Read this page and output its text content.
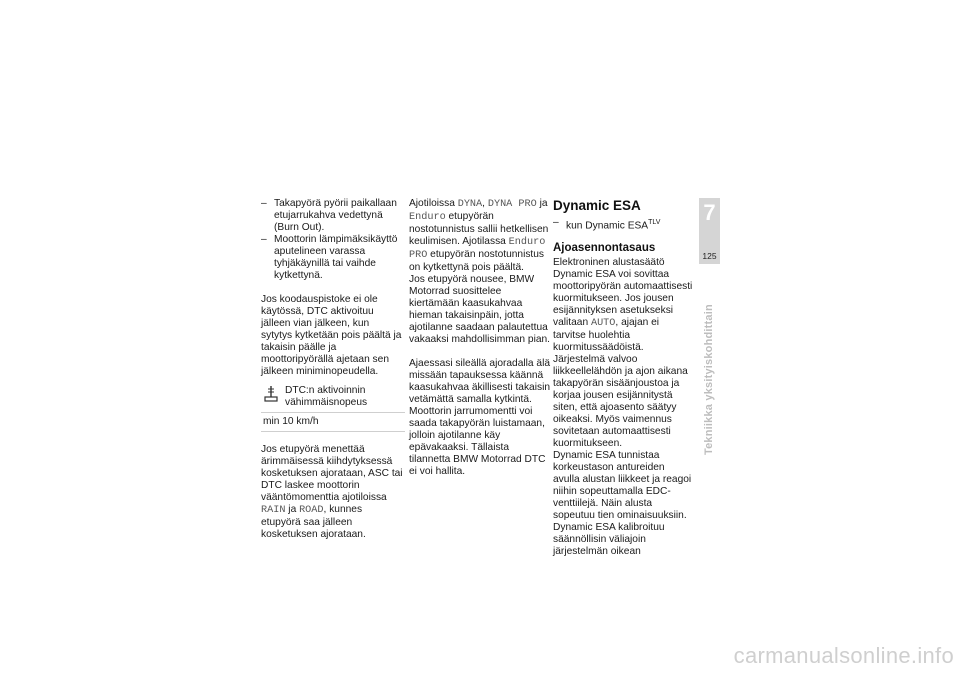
– Takapyörä pyörii paikallaan etujarrukahva vedettynä (Burn Out).
– Moottorin lämpimäksikäyttö aputelineen varassa tyhjäkäynillä tai vaihde kytkettynä.

Jos koodauspistoke ei ole käytössä, DTC aktivoituu jälleen vian jälkeen, kun sytytys kytketään pois päältä ja takaisin päälle ja moottoripyörällä ajetaan sen jälkeen miniminopeudella.

DTC:n aktivoinnin vähimmäisnopeus

min 10 km/h

Jos etupyörä menettää ärimmäisessä kiihdytyksessä kosketuksen ajorataan, ASC tai DTC laskee moottorin vääntömomenttia ajotiloissa RAIN ja ROAD, kunnes etupyörä saa jälleen kosketuksen ajorataan.

Ajotiloissa DYNA, DYNA PRO ja Enduro etupyörän nostotunnistus sallii hetkellisen keulimisen. Ajotilassa Enduro PRO etupyörän nostotunnistus on kytkettynä pois päältä.

Jos etupyörä nousee, BMW Motorrad suosittelee kiertämään kaasukahvaa hieman takaisinpäin, jotta ajotilanne saadaan palautettua vakaaksi mahdollisimman pian.

Ajaessasi sileällä ajoradalla älä missään tapauksessa käännä kaasukahvaa äkillisesti takaisin vetämättä samalla kytkintä. Moottorin jarrumomentti voi saada takapyörän luistamaan, jolloin ajotilanne käy epävakaaksi. Tällaista tilannetta BMW Motorrad DTC ei voi hallita.

Dynamic ESA
– kun Dynamic $ESA^{TLV}$
Ajoasennontasaus

Elektroninen alustasäätö Dynamic ESA voi sovittaa moottoripyörän automaattisesti kuormitukseen. Jos jousen esijännityksen asetukseksi valitaan AUTO, ajajan ei tarvitse huolehtia kuormitussäädöistä. Järjestelmä valvoo liikkeellelähdön ja ajon aikana takapyörän sisäänjoustoa ja korjaa jousen esijännitystä siten, että ajoasento säätyy oikeaksi. Myös vaimennus sovitetaan automaattisesti kuormitukseen.

Dynamic ESA tunnistaa korkeustason antureiden avulla alustan liikkeet ja reagoi niihin sopeuttamalla EDC-venttiilejä. Näin alusta sopeutuu tien ominaisuuksiin. Dynamic ESA kalibroituu säännöllisin väliajoin järjestelmän oikean

7
125
Tekniikka yksityiskohdittain
carmanualsonline.info
